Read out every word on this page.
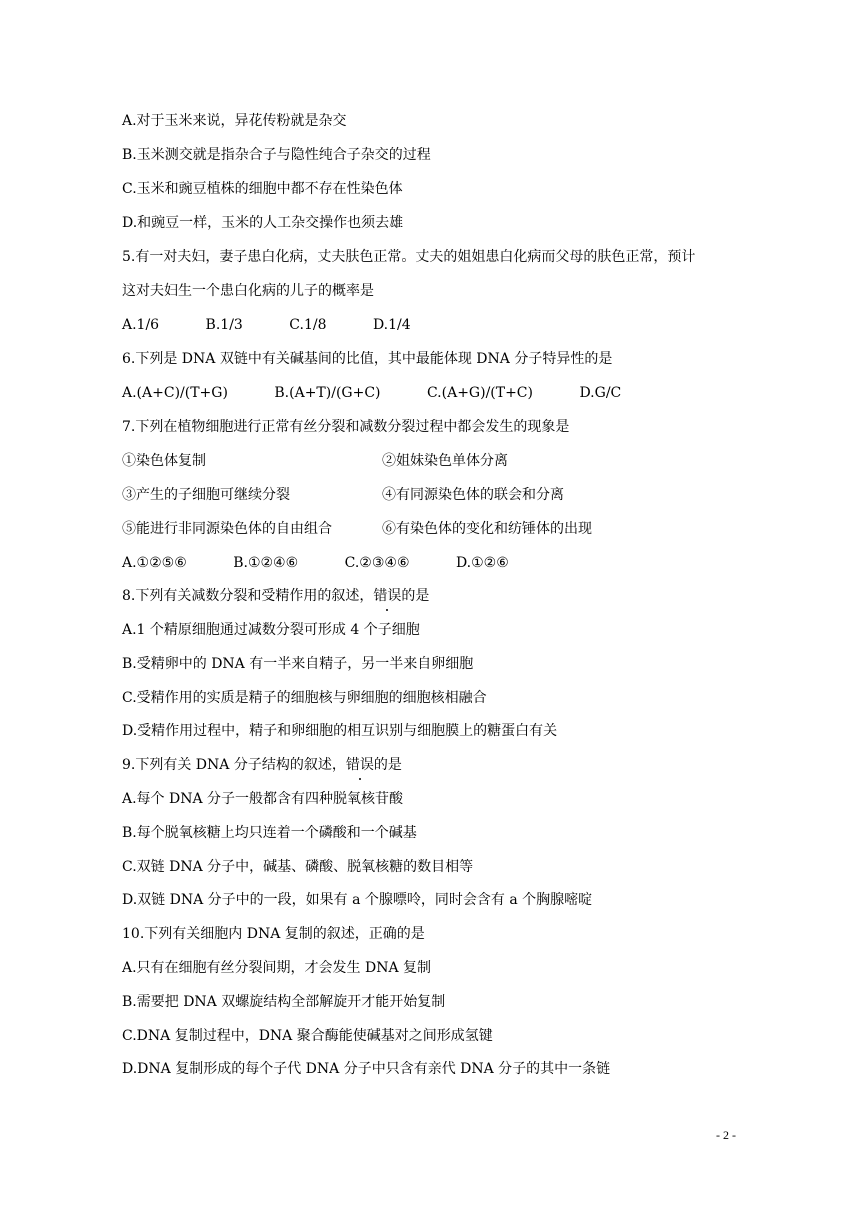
A.对于玉米来说，异花传粉就是杂交
B.玉米测交就是指杂合子与隐性纯合子杂交的过程
C.玉米和豌豆植株的细胞中都不存在性染色体
D.和豌豆一样，玉米的人工杂交操作也须去雄
5.有一对夫妇，妻子患白化病，丈夫肤色正常。丈夫的姐姐患白化病而父母的肤色正常，预计
这对夫妇生一个患白化病的儿子的概率是
A.1/6	B.1/3	C.1/8	D.1/4
6.下列是 DNA 双链中有关碱基间的比值，其中最能体现 DNA 分子特异性的是
A.(A+C)/(T+G)	B.(A+T)/(G+C)	C.(A+G)/(T+C)	D.G/C
7.下列在植物细胞进行正常有丝分裂和减数分裂过程中都会发生的现象是
①染色体复制	②姐妹染色单体分离
③产生的子细胞可继续分裂	④有同源染色体的联会和分离
⑤能进行非同源染色体的自由组合	⑥有染色体的变化和纺锤体的出现
A.①②⑤⑥	B.①②④⑥	C.②③④⑥	D.①②⑥
8.下列有关减数分裂和受精作用的叙述，错误的是
A.1 个精原细胞通过减数分裂可形成 4 个子细胞
B.受精卵中的 DNA 有一半来自精子，另一半来自卵细胞
C.受精作用的实质是精子的细胞核与卵细胞的细胞核相融合
D.受精作用过程中，精子和卵细胞的相互识别与细胞膜上的糖蛋白有关
9.下列有关 DNA 分子结构的叙述，错误的是
A.每个 DNA 分子一般都含有四种脱氧核苷酸
B.每个脱氧核糖上均只连着一个磷酸和一个碱基
C.双链 DNA 分子中，碱基、磷酸、脱氧核糖的数目相等
D.双链 DNA 分子中的一段，如果有 a 个腺嘌呤，同时会含有 a 个胸腺嘧啶
10.下列有关细胞内 DNA 复制的叙述，正确的是
A.只有在细胞有丝分裂间期，才会发生 DNA 复制
B.需要把 DNA 双螺旋结构全部解旋开才能开始复制
C.DNA 复制过程中，DNA 聚合酶能使碱基对之间形成氢键
D.DNA 复制形成的每个子代 DNA 分子中只含有亲代 DNA 分子的其中一条链
- 2 -
